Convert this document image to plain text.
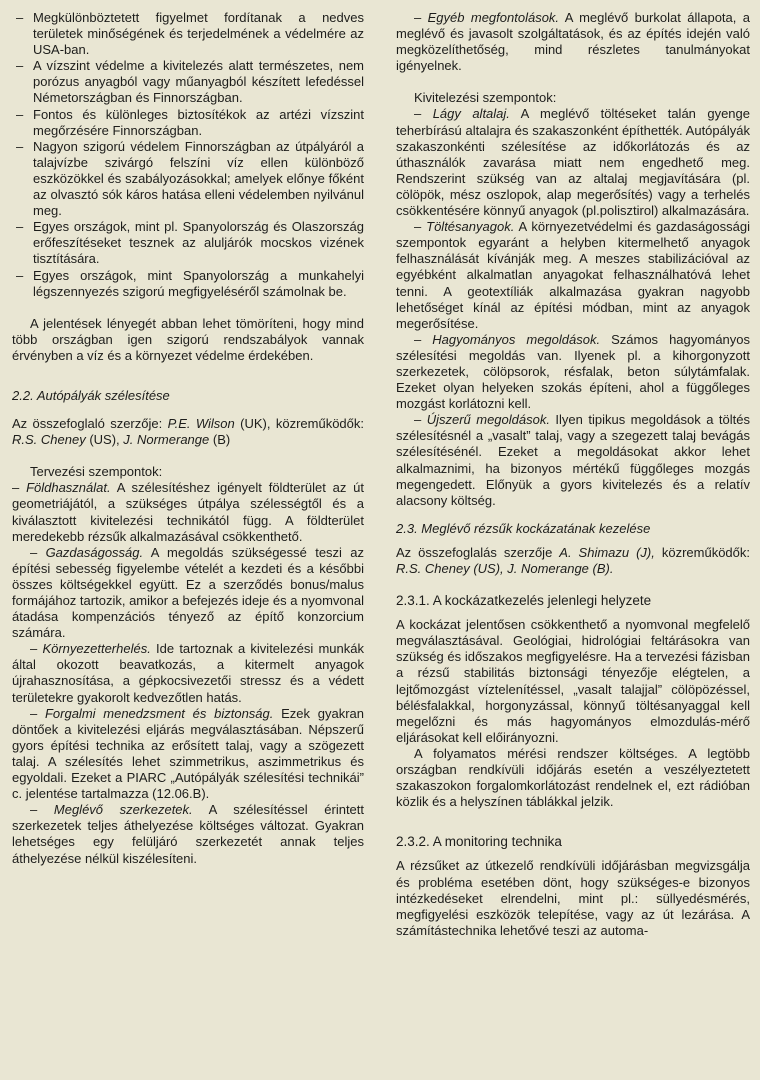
– Megkülönböztetett figyelmet fordítanak a nedves területek minőségének és terjedelmének a védelmére az USA-ban.
– A vízszint védelme a kivitelezés alatt természetes, nem porózus anyagból vagy műanyagból készített lefedéssel Németországban és Finnországban.
– Fontos és különleges biztosítékok az artézi vízszint megőrzésére Finnországban.
– Nagyon szigorú védelem Finnországban az útpályáról a talajvízbe szivárgó felszíni víz ellen különböző eszközökkel és szabályozásokkal; amelyek előnye főként az olvasztó sók káros hatása elleni védelemben nyilvánul meg.
– Egyes országok, mint pl. Spanyolország és Olaszország erőfeszítéseket tesznek az aluljárók mocskos vizének tisztítására.
– Egyes országok, mint Spanyolország a munkahelyi légszennyezés szigorú megfigyeléséről számolnak be.

A jelentések lényegét abban lehet tömöríteni, hogy mind több országban igen szigorú rendszabályok vannak érvényben a víz és a környezet védelme érdekében.

2.2. Autópályák szélesítése

Az összefoglaló szerzője: P.E. Wilson (UK), közreműködők: R.S. Cheney (US), J. Normerange (B)

Tervezési szempontok:

– Földhasználat. A szélesítéshez igényelt földterület az út geometriájától, a szükséges útpálya szélességtől és a kiválasztott kivitelezési technikától függ. A földterület meredekebb rézsűk alkalmazásával csökkenthető.

– Gazdaságosság. A megoldás szükségessé teszi az építési sebesség figyelembe vételét a kezdeti és a későbbi összes költségekkel együtt. Ez a szerződés bonus/malus formájához tartozik, amikor a befejezés ideje és a nyomvonal átadása kompenzációs tényező az építő konzorcium számára.

– Környezetterhelés. Ide tartoznak a kivitelezési munkák által okozott beavatkozás, a kitermelt anyagok újrahasznosítása, a gépkocsivezetői stressz és a védett területekre gyakorolt kedvezőtlen hatás.

– Forgalmi menedzsment és biztonság. Ezek gyakran döntőek a kivitelezési eljárás megválasztásában. Népszerű gyors építési technika az erősített talaj, vagy a szögezett talaj. A szélesítés lehet szimmetrikus, aszimmetrikus és egyoldali. Ezeket a PIARC „Autópályák szélesítési technikái” c. jelentése tartalmazza (12.06.B).

– Meglévő szerkezetek. A szélesítéssel érintett szerkezetek teljes áthelyezése költséges változat. Gyakran lehetséges egy felüljáró szerkezetét annak teljes áthelyezése nélkül kiszélesíteni.

– Egyéb megfontolások. A meglévő burkolat állapota, a meglévő és javasolt szolgáltatások, és az építés idején való megközelíthetőség, mind részletes tanulmányokat igényelnek.

Kivitelezési szempontok:

– Lágy altalaj. A meglévő töltéseket talán gyenge teherbírású altalajra és szakaszonként építhették. Autópályák szakaszonkénti szélesítése az időkorlátozás és az úthasználók zavarása miatt nem engedhető meg. Rendszerint szükség van az altalaj megjavítására (pl. cölöpök, mész oszlopok, alap megerősítés) vagy a terhelés csökkentésére könnyű anyagok (pl.polisztirol) alkalmazására.

– Töltésanyagok. A környezetvédelmi és gazdaságossági szempontok egyaránt a helyben kitermelhető anyagok felhasználását kívánják meg. A meszes stabilizációval az egyébként alkalmatlan anyagokat felhasználhatóvá lehet tenni. A geotextíliák alkalmazása gyakran nagyobb lehetőséget kínál az építési módban, mint az anyagok megerősítése.

– Hagyományos megoldások. Számos hagyományos szélesítési megoldás van. Ilyenek pl. a kihorgonyzott szerkezetek, cölöpsorok, résfalak, beton súlytámfalak. Ezeket olyan helyeken szokás építeni, ahol a függőleges mozgást korlátozni kell.

– Újszerű megoldások. Ilyen tipikus megoldások a töltés szélesítésnél a „vasalt” talaj, vagy a szegezett talaj bevágás szélesítésénél. Ezeket a megoldásokat akkor lehet alkalmaznimi, ha bizonyos mértékű függőleges mozgás megengedett. Előnyük a gyors kivitelezés és a relatív alacsony költség.

2.3. Meglévő rézsűk kockázatának kezelése

Az összefoglalás szerzője A. Shimazu (J), közreműködők: R.S. Cheney (US), J. Nomerange (B).

2.3.1. A kockázatkezelés jelenlegi helyzete

A kockázat jelentősen csökkenthető a nyomvonal megfelelő megválasztásával. Geológiai, hidrológiai feltárásokra van szükség és időszakos megfigyelésre. Ha a tervezési fázisban a rézsű stabilitás biztonsági tényezője elégtelen, a lejtőmozgást víztelenítéssel, „vasalt talajjal” cölöpözéssel, bélésfalakkal, horgonyzással, könnyű töltésanyaggal kell megelőzni és más hagyományos elmozdulás-mérő eljárásokat kell előirányozni.

A folyamatos mérési rendszer költséges. A legtöbb országban rendkívüli időjárás esetén a veszélyeztetett szakaszokon forgalomkorlátozást rendelnek el, ezt rádióban közlik és a helyszínen táblákkal jelzik.

2.3.2. A monitoring technika

A rézsűket az útkezelő rendkívüli időjárásban megvizsgálja és probléma esetében dönt, hogy szükséges-e bizonyos intézkedéseket elrendelni, mint pl.: süllyedésmérés, megfigyelési eszközök telepítése, vagy az út lezárása. A számítástechnika lehetővé teszi az automa-
